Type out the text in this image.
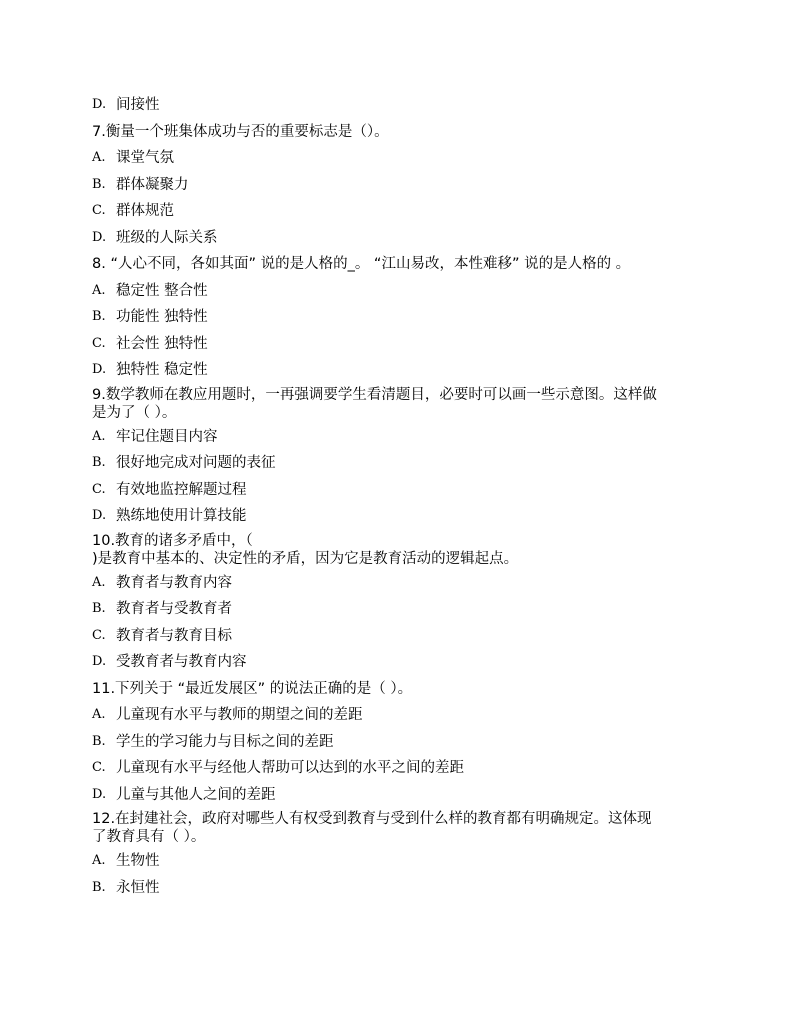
D. 间接性
7.衡量一个班集体成功与否的重要标志是（）。
A. 课堂气氛
B. 群体凝聚力
C. 群体规范
D. 班级的人际关系
8. “人心不同，各如其面” 说的是人格的_。 “江山易改，本性难移” 说的是人格的 。
A. 稳定性 整合性
B. 功能性 独特性
C. 社会性 独特性
D. 独特性 稳定性
9.数学教师在教应用题时，一再强调要学生看清题目，必要时可以画一些示意图。这样做
是为了（ ）。
A. 牢记住题目内容
B. 很好地完成对问题的表征
C. 有效地监控解题过程
D. 熟练地使用计算技能
10.教育的诸多矛盾中，（
)是教育中基本的、决定性的矛盾，因为它是教育活动的逻辑起点。
A. 教育者与教育内容
B. 教育者与受教育者
C. 教育者与教育目标
D. 受教育者与教育内容
11.下列关于 “最近发展区” 的说法正确的是（ ）。
A. 儿童现有水平与教师的期望之间的差距
B. 学生的学习能力与目标之间的差距
C. 儿童现有水平与经他人帮助可以达到的水平之间的差距
D. 儿童与其他人之间的差距
12.在封建社会，政府对哪些人有权受到教育与受到什么样的教育都有明确规定。这体现
了教育具有（ ）。
A. 生物性
B. 永恒性
